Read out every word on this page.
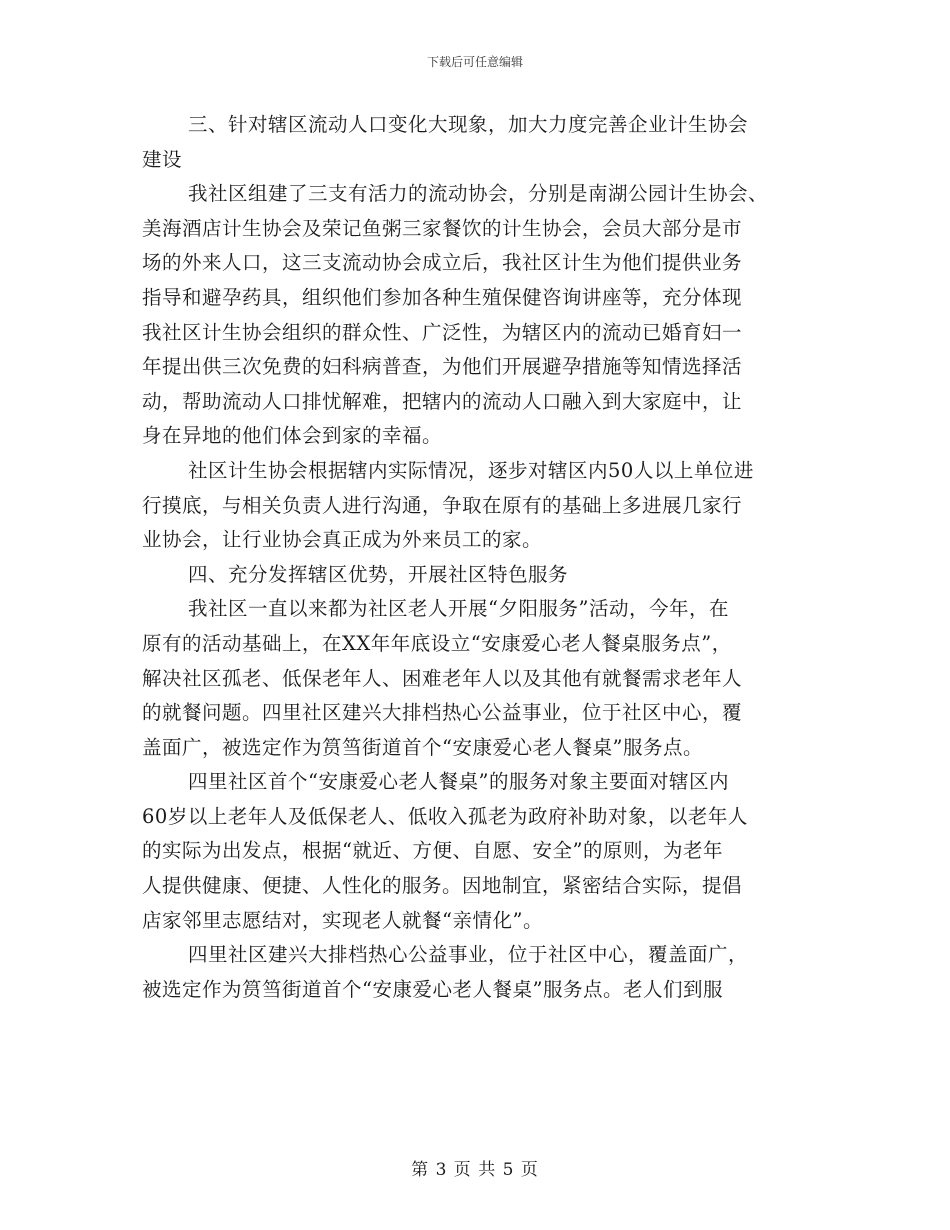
下载后可任意编辑
三、针对辖区流动人口变化大现象，加大力度完善企业计生协会
建设
我社区组建了三支有活力的流动协会，分别是南湖公园计生协会、
美海酒店计生协会及荣记鱼粥三家餐饮的计生协会，会员大部分是市
场的外来人口，这三支流动协会成立后，我社区计生为他们提供业务
指导和避孕药具，组织他们参加各种生殖保健咨询讲座等，充分体现
我社区计生协会组织的群众性、广泛性，为辖区内的流动已婚育妇一
年提出供三次免费的妇科病普查，为他们开展避孕措施等知情选择活
动，帮助流动人口排忧解难，把辖内的流动人口融入到大家庭中，让
身在异地的他们体会到家的幸福。
社区计生协会根据辖内实际情况，逐步对辖区内50人以上单位进
行摸底，与相关负责人进行沟通，争取在原有的基础上多进展几家行
业协会，让行业协会真正成为外来员工的家。
四、充分发挥辖区优势，开展社区特色服务
我社区一直以来都为社区老人开展“夕阳服务”活动，今年，在
原有的活动基础上，在XX年年底设立“安康爱心老人餐桌服务点”，
解决社区孤老、低保老年人、困难老年人以及其他有就餐需求老年人
的就餐问题。四里社区建兴大排档热心公益事业，位于社区中心，覆
盖面广，被选定作为筼筜街道首个“安康爱心老人餐桌”服务点。
四里社区首个“安康爱心老人餐桌”的服务对象主要面对辖区内
60岁以上老年人及低保老人、低收入孤老为政府补助对象，以老年人
的实际为出发点，根据“就近、方便、自愿、安全”的原则，为老年
人提供健康、便捷、人性化的服务。因地制宜，紧密结合实际，提倡
店家邻里志愿结对，实现老人就餐“亲情化”。
四里社区建兴大排档热心公益事业，位于社区中心，覆盖面广，
被选定作为筼筜街道首个“安康爱心老人餐桌”服务点。老人们到服
第 3 页 共 5 页
